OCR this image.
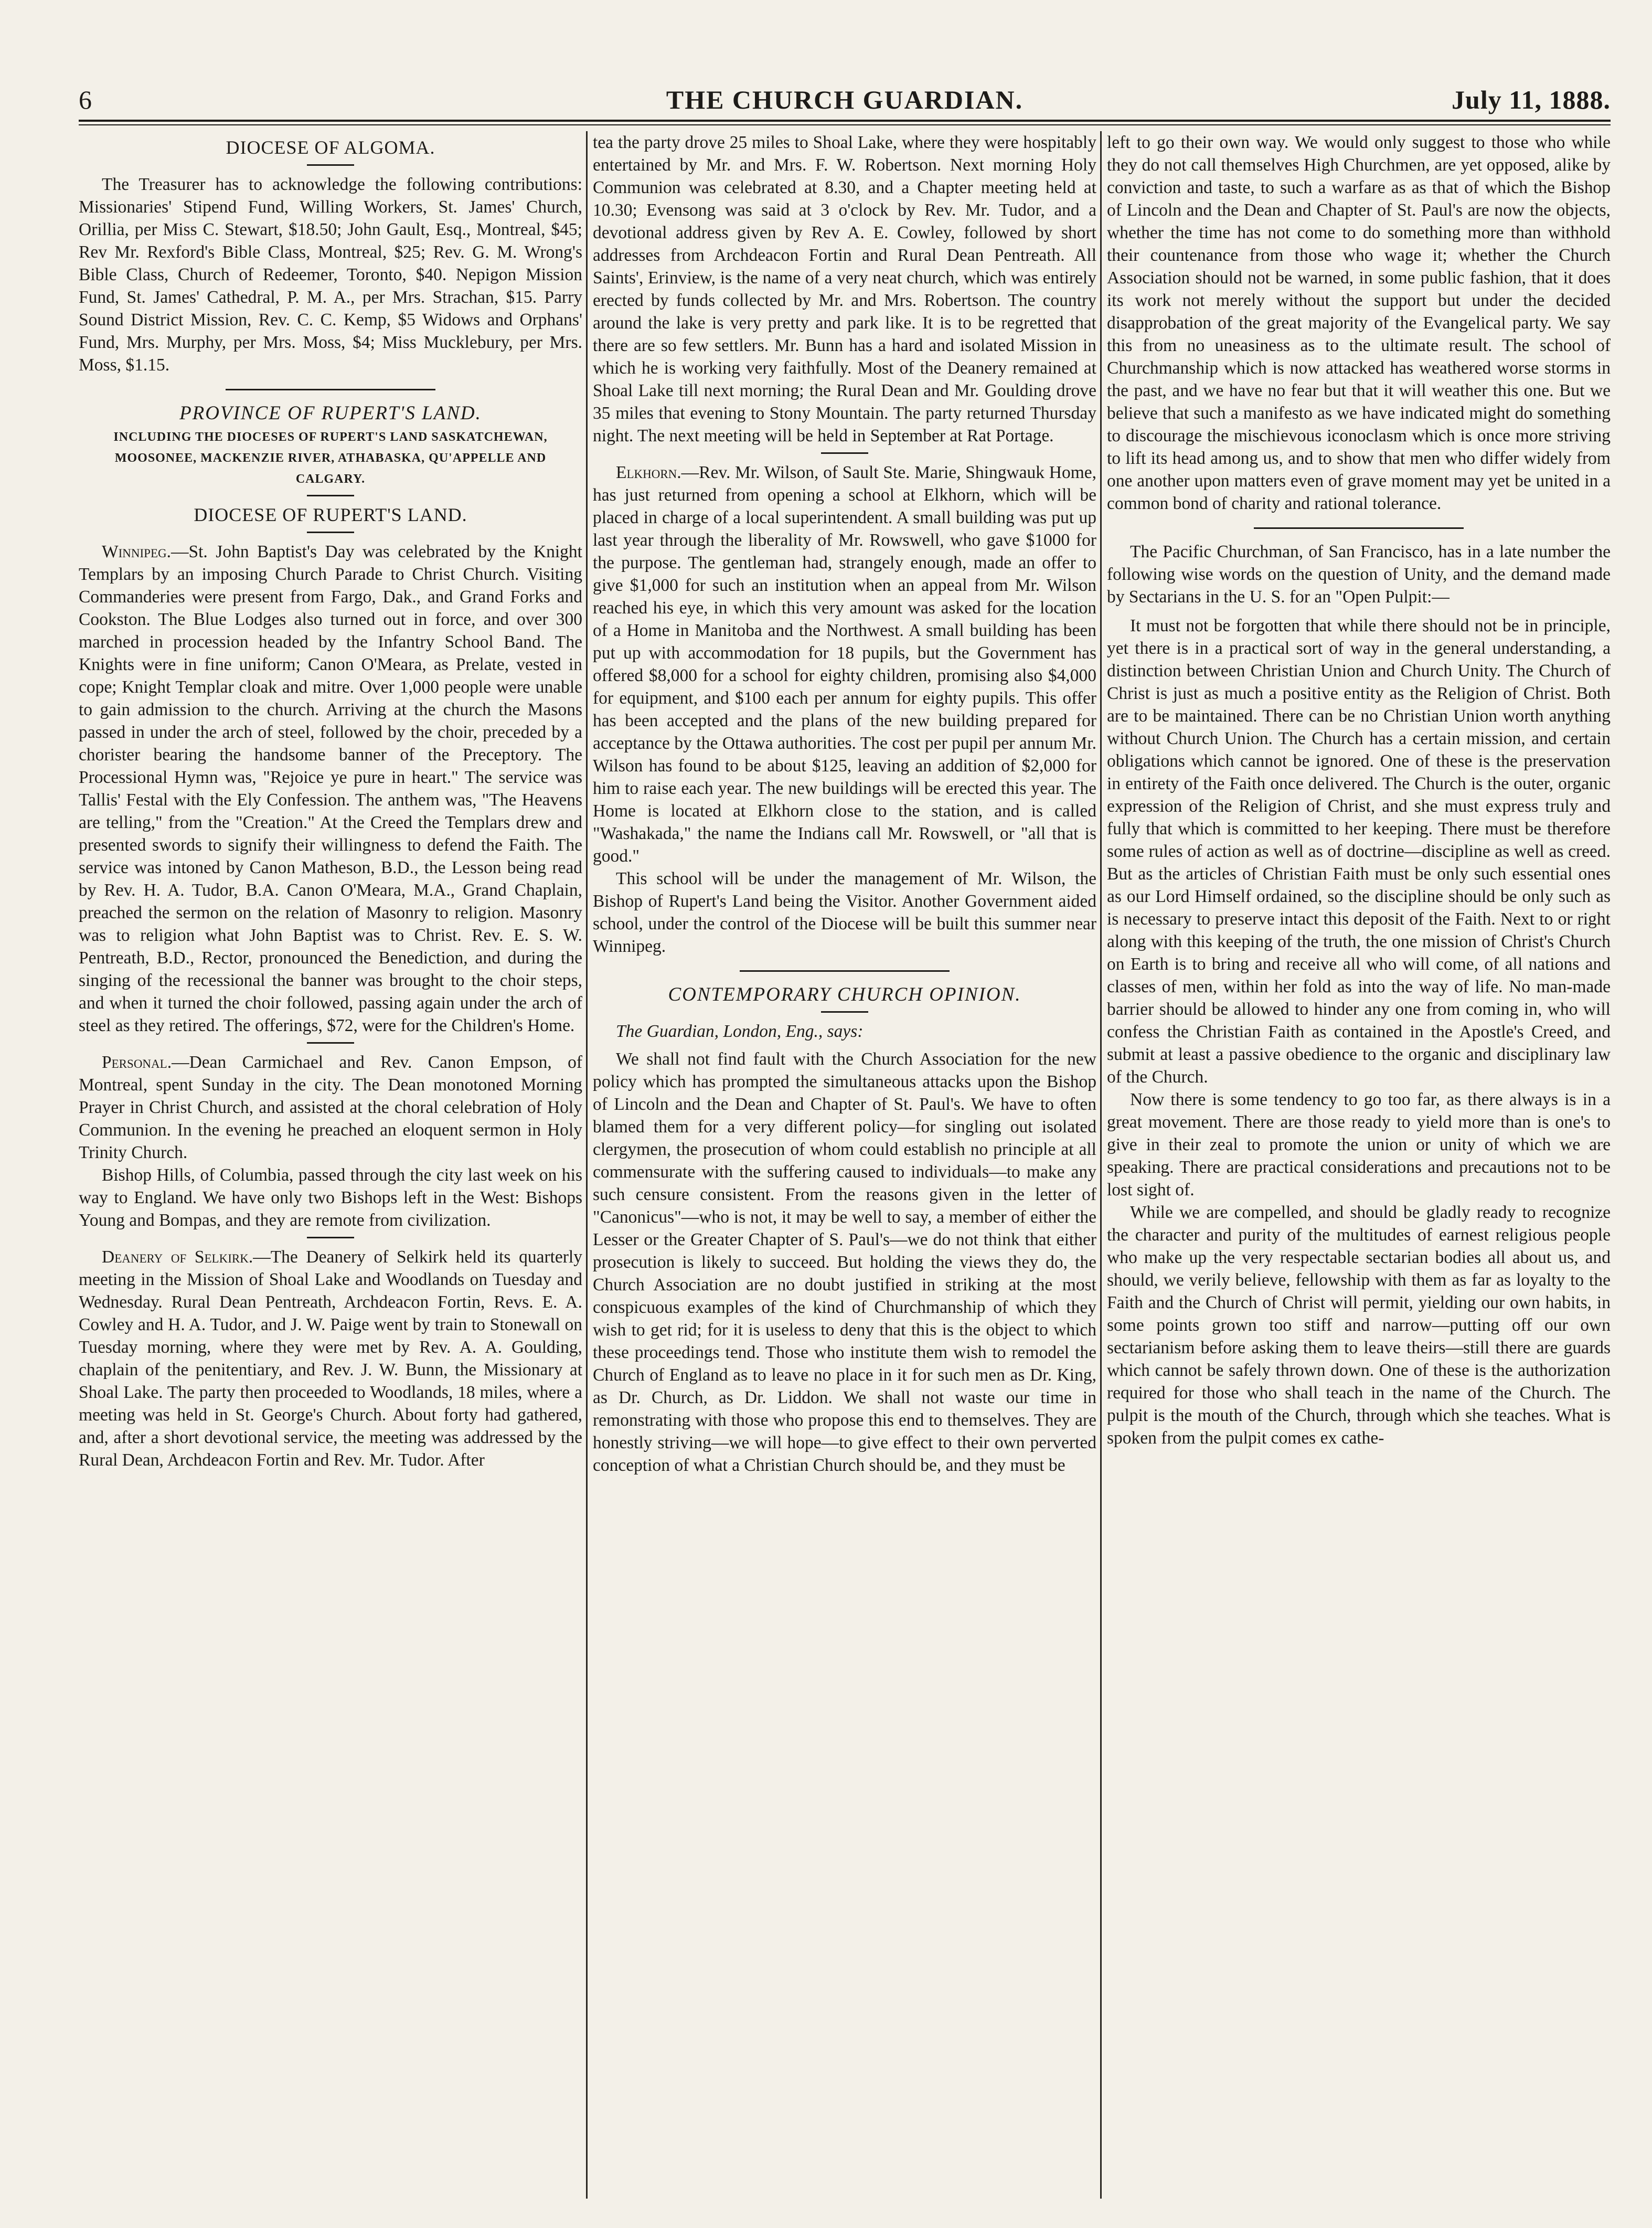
THE CHURCH GUARDIAN.
6	July 11, 1888.
DIOCESE OF ALGOMA.

The Treasurer has to acknowledge the following contributions: Missionaries' Stipend Fund, Willing Workers, St. James' Church, Orillia, per Miss C. Stewart, $18.50; John Gault, Esq., Montreal, $45; Rev Mr. Rexford's Bible Class, Montreal, $25; Rev. G. M. Wrong's Bible Class, Church of Redeemer, Toronto, $40. Nepigon Mission Fund, St. James' Cathedral, P. M. A., per Mrs. Strachan, $15. Parry Sound District Mission, Rev. C. C. Kemp, $5 Widows and Orphans' Fund, Mrs. Murphy, per Mrs. Moss, $4; Miss Mucklebury, per Mrs. Moss, $1.15.

PROVINCE OF RUPERT'S LAND.
INCLUDING THE DIOCESES OF RUPERT'S LAND SASKATCHEWAN, MOOSONEE, MACKENZIE RIVER, ATHABASKA, QU'APPELLE AND CALGARY.
DIOCESE OF RUPERT'S LAND.

Winnipeg.—St. John Baptist's Day was celebrated by the Knight Templars by an imposing Church Parade to Christ Church. Visiting Commanderies were present from Fargo, Dak., and Grand Forks and Cookston. The Blue Lodges also turned out in force, and over 300 marched in procession headed by the Infantry School Band. The Knights were in fine uniform; Canon O'Meara, as Prelate, vested in cope; Knight Templar cloak and mitre. Over 1,000 people were unable to gain admission to the church. Arriving at the church the Masons passed in under the arch of steel, followed by the choir, preceded by a chorister bearing the handsome banner of the Preceptory. The Processional Hymn was, "Rejoice ye pure in heart." The service was Tallis' Festal with the Ely Confession. The anthem was, "The Heavens are telling," from the "Creation." At the Creed the Templars drew and presented swords to signify their willingness to defend the Faith. The service was intoned by Canon Matheson, B.D., the Lesson being read by Rev. H. A. Tudor, B.A. Canon O'Meara, M.A., Grand Chaplain, preached the sermon on the relation of Masonry to religion. Masonry was to religion what John Baptist was to Christ. Rev. E. S. W. Pentreath, B.D., Rector, pronounced the Benediction, and during the singing of the recessional the banner was brought to the choir steps, and when it turned the choir followed, passing again under the arch of steel as they retired. The offerings, $72, were for the Children's Home.

Personal.—Dean Carmichael and Rev. Canon Empson, of Montreal, spent Sunday in the city. The Dean monotoned Morning Prayer in Christ Church, and assisted at the choral celebration of Holy Communion. In the evening he preached an eloquent sermon in Holy Trinity Church.

Bishop Hills, of Columbia, passed through the city last week on his way to England. We have only two Bishops left in the West: Bishops Young and Bompas, and they are remote from civilization.

Deanery of Selkirk.—The Deanery of Selkirk held its quarterly meeting in the Mission of Shoal Lake and Woodlands on Tuesday and Wednesday. Rural Dean Pentreath, Archdeacon Fortin, Revs. E. A. Cowley and H. A. Tudor, and J. W. Paige went by train to Stonewall on Tuesday morning, where they were met by Rev. A. A. Goulding, chaplain of the penitentiary, and Rev. J. W. Bunn, the Missionary at Shoal Lake. The party then proceeded to Woodlands, 18 miles, where a meeting was held in St. George's Church. About forty had gathered, and, after a short devotional service, the meeting was addressed by the Rural Dean, Archdeacon Fortin and Rev. Mr. Tudor. After

tea the party drove 25 miles to Shoal Lake, where they were hospitably entertained by Mr. and Mrs. F. W. Robertson. Next morning Holy Communion was celebrated at 8.30, and a Chapter meeting held at 10.30; Evensong was said at 3 o'clock by Rev. Mr. Tudor, and a devotional address given by Rev A. E. Cowley, followed by short addresses from Archdeacon Fortin and Rural Dean Pentreath. All Saints', Erinview, is the name of a very neat church, which was entirely erected by funds collected by Mr. and Mrs. Robertson. The country around the lake is very pretty and park like. It is to be regretted that there are so few settlers. Mr. Bunn has a hard and isolated Mission in which he is working very faithfully. Most of the Deanery remained at Shoal Lake till next morning; the Rural Dean and Mr. Goulding drove 35 miles that evening to Stony Mountain. The party returned Thursday night. The next meeting will be held in September at Rat Portage.

Elkhorn.—Rev. Mr. Wilson, of Sault Ste. Marie, Shingwauk Home, has just returned from opening a school at Elkhorn, which will be placed in charge of a local superintendent. A small building was put up last year through the liberality of Mr. Rowswell, who gave $1000 for the purpose. The gentleman had, strangely enough, made an offer to give $1,000 for such an institution when an appeal from Mr. Wilson reached his eye, in which this very amount was asked for the location of a Home in Manitoba and the Northwest. A small building has been put up with accommodation for 18 pupils, but the Government has offered $8,000 for a school for eighty children, promising also $4,000 for equipment, and $100 each per annum for eighty pupils. This offer has been accepted and the plans of the new building prepared for acceptance by the Ottawa authorities. The cost per pupil per annum Mr. Wilson has found to be about $125, leaving an addition of $2,000 for him to raise each year. The new buildings will be erected this year. The Home is located at Elkhorn close to the station, and is called "Washakada," the name the Indians call Mr. Rowswell, or "all that is good."

This school will be under the management of Mr. Wilson, the Bishop of Rupert's Land being the Visitor. Another Government aided school, under the control of the Diocese will be built this summer near Winnipeg.

CONTEMPORARY CHURCH OPINION.

The Guardian, London, Eng., says:

We shall not find fault with the Church Association for the new policy which has prompted the simultaneous attacks upon the Bishop of Lincoln and the Dean and Chapter of St. Paul's. We have to often blamed them for a very different policy—for singling out isolated clergymen, the prosecution of whom could establish no principle at all commensurate with the suffering caused to individuals—to make any such censure consistent. From the reasons given in the letter of "Canonicus"—who is not, it may be well to say, a member of either the Lesser or the Greater Chapter of S. Paul's—we do not think that either prosecution is likely to succeed. But holding the views they do, the Church Association are no doubt justified in striking at the most conspicuous examples of the kind of Churchmanship of which they wish to get rid; for it is useless to deny that this is the object to which these proceedings tend. Those who institute them wish to remodel the Church of England as to leave no place in it for such men as Dr. King, as Dr. Church, as Dr. Liddon. We shall not waste our time in remonstrating with those who propose this end to themselves. They are honestly striving—we will hope—to give effect to their own perverted conception of what a Christian Church should be, and they must be

left to go their own way. We would only suggest to those who while they do not call themselves High Churchmen, are yet opposed, alike by conviction and taste, to such a warfare as as that of which the Bishop of Lincoln and the Dean and Chapter of St. Paul's are now the objects, whether the time has not come to do something more than withhold their countenance from those who wage it; whether the Church Association should not be warned, in some public fashion, that it does its work not merely without the support but under the decided disapprobation of the great majority of the Evangelical party. We say this from no uneasiness as to the ultimate result. The school of Churchmanship which is now attacked has weathered worse storms in the past, and we have no fear but that it will weather this one. But we believe that such a manifesto as we have indicated might do something to discourage the mischievous iconoclasm which is once more striving to lift its head among us, and to show that men who differ widely from one another upon matters even of grave moment may yet be united in a common bond of charity and rational tolerance.

The Pacific Churchman, of San Francisco, has in a late number the following wise words on the question of Unity, and the demand made by Sectarians in the U. S. for an "Open Pulpit:—

It must not be forgotten that while there should not be in principle, yet there is in a practical sort of way in the general understanding, a distinction between Christian Union and Church Unity. The Church of Christ is just as much a positive entity as the Religion of Christ. Both are to be maintained. There can be no Christian Union worth anything without Church Union. The Church has a certain mission, and certain obligations which cannot be ignored. One of these is the preservation in entirety of the Faith once delivered. The Church is the outer, organic expression of the Religion of Christ, and she must express truly and fully that which is committed to her keeping. There must be therefore some rules of action as well as of doctrine—discipline as well as creed. But as the articles of Christian Faith must be only such essential ones as our Lord Himself ordained, so the discipline should be only such as is necessary to preserve intact this deposit of the Faith. Next to or right along with this keeping of the truth, the one mission of Christ's Church on Earth is to bring and receive all who will come, of all nations and classes of men, within her fold as into the way of life. No man-made barrier should be allowed to hinder any one from coming in, who will confess the Christian Faith as contained in the Apostle's Creed, and submit at least a passive obedience to the organic and disciplinary law of the Church.

Now there is some tendency to go too far, as there always is in a great movement. There are those ready to yield more than is one's to give in their zeal to promote the union or unity of which we are speaking. There are practical considerations and precautions not to be lost sight of.

While we are compelled, and should be gladly ready to recognize the character and purity of the multitudes of earnest religious people who make up the very respectable sectarian bodies all about us, and should, we verily believe, fellowship with them as far as loyalty to the Faith and the Church of Christ will permit, yielding our own habits, in some points grown too stiff and narrow—putting off our own sectarianism before asking them to leave theirs—still there are guards which cannot be safely thrown down. One of these is the authorization required for those who shall teach in the name of the Church. The pulpit is the mouth of the Church, through which she teaches. What is spoken from the pulpit comes ex cathe-
